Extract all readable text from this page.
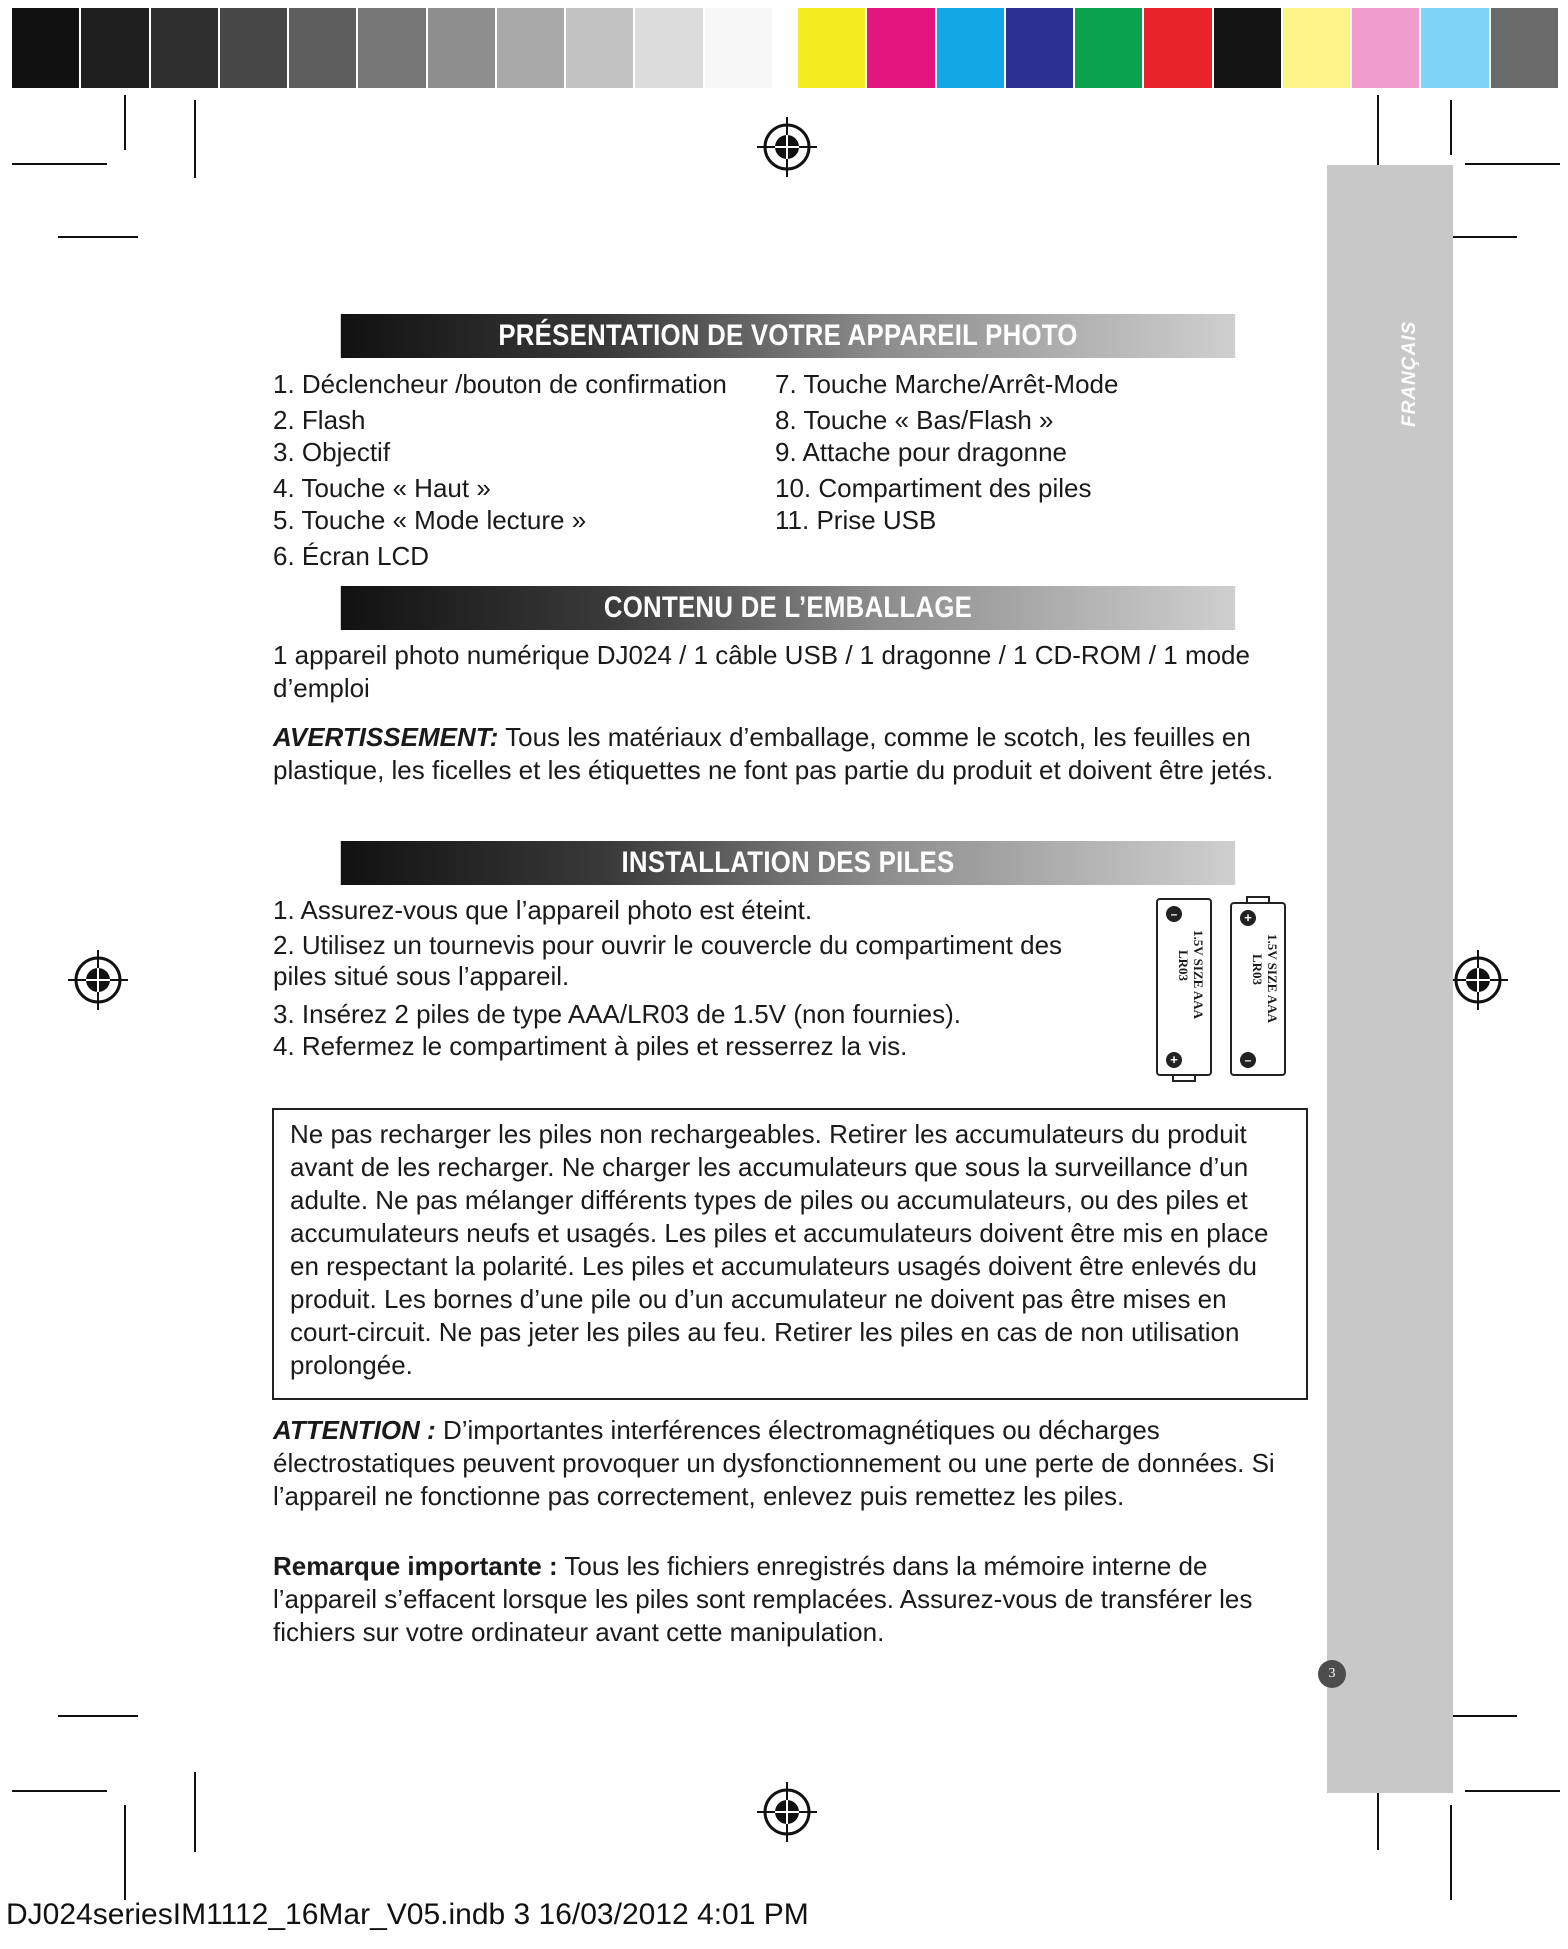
FRANÇAIS
PRÉSENTATION DE VOTRE APPAREIL PHOTO
1. Déclencheur /bouton de confirmation
2. Flash
3. Objectif
4. Touche « Haut »
5. Touche « Mode lecture »
6. Écran LCD
7. Touche Marche/Arrêt-Mode
8. Touche « Bas/Flash »
9. Attache pour dragonne
10. Compartiment des piles
11. Prise USB
CONTENU DE L’EMBALLAGE
1 appareil photo numérique DJ024 / 1 câble USB / 1 dragonne / 1 CD-ROM / 1 mode d’emploi
AVERTISSEMENT: Tous les matériaux d’emballage, comme le scotch, les feuilles en plastique, les ficelles et les étiquettes ne font pas partie du produit et doivent être jetés.
INSTALLATION DES PILES
1. Assurez-vous que l’appareil photo est éteint.
2. Utilisez un tournevis pour ouvrir le couvercle du compartiment des piles situé sous l’appareil.
3. Insérez 2 piles de type AAA/LR03 de 1.5V (non fournies).
4. Refermez le compartiment à piles et resserrez la vis.
–
+
1.5V SIZE AAA
LR03
+
–
1.5V SIZE AAA
LR03

Ne pas recharger les piles non rechargeables. Retirer les accumulateurs du produit avant de les recharger. Ne charger les accumulateurs que sous la surveillance d’un adulte. Ne pas mélanger différents types de piles ou accumulateurs, ou des piles et accumulateurs neufs et usagés. Les piles et accumulateurs doivent être mis en place en respectant la polarité. Les piles et accumulateurs usagés doivent être enlevés du produit. Les bornes d’une pile ou d’un accumulateur ne doivent pas être mises en court-circuit. Ne pas jeter les piles au feu. Retirer les piles en cas de non utilisation prolongée.

ATTENTION : D’importantes interférences électromagnétiques ou décharges électrostatiques peuvent provoquer un dysfonctionnement ou une perte de données. Si l’appareil ne fonctionne pas correctement, enlevez puis remettez les piles.
Remarque importante : Tous les fichiers enregistrés dans la mémoire interne de l’appareil s’effacent lorsque les piles sont remplacées. Assurez-vous de transférer les fichiers sur votre ordinateur avant cette manipulation.
3
DJ024seriesIM1112_16Mar_V05.indb 3 16/03/2012 4:01 PM
